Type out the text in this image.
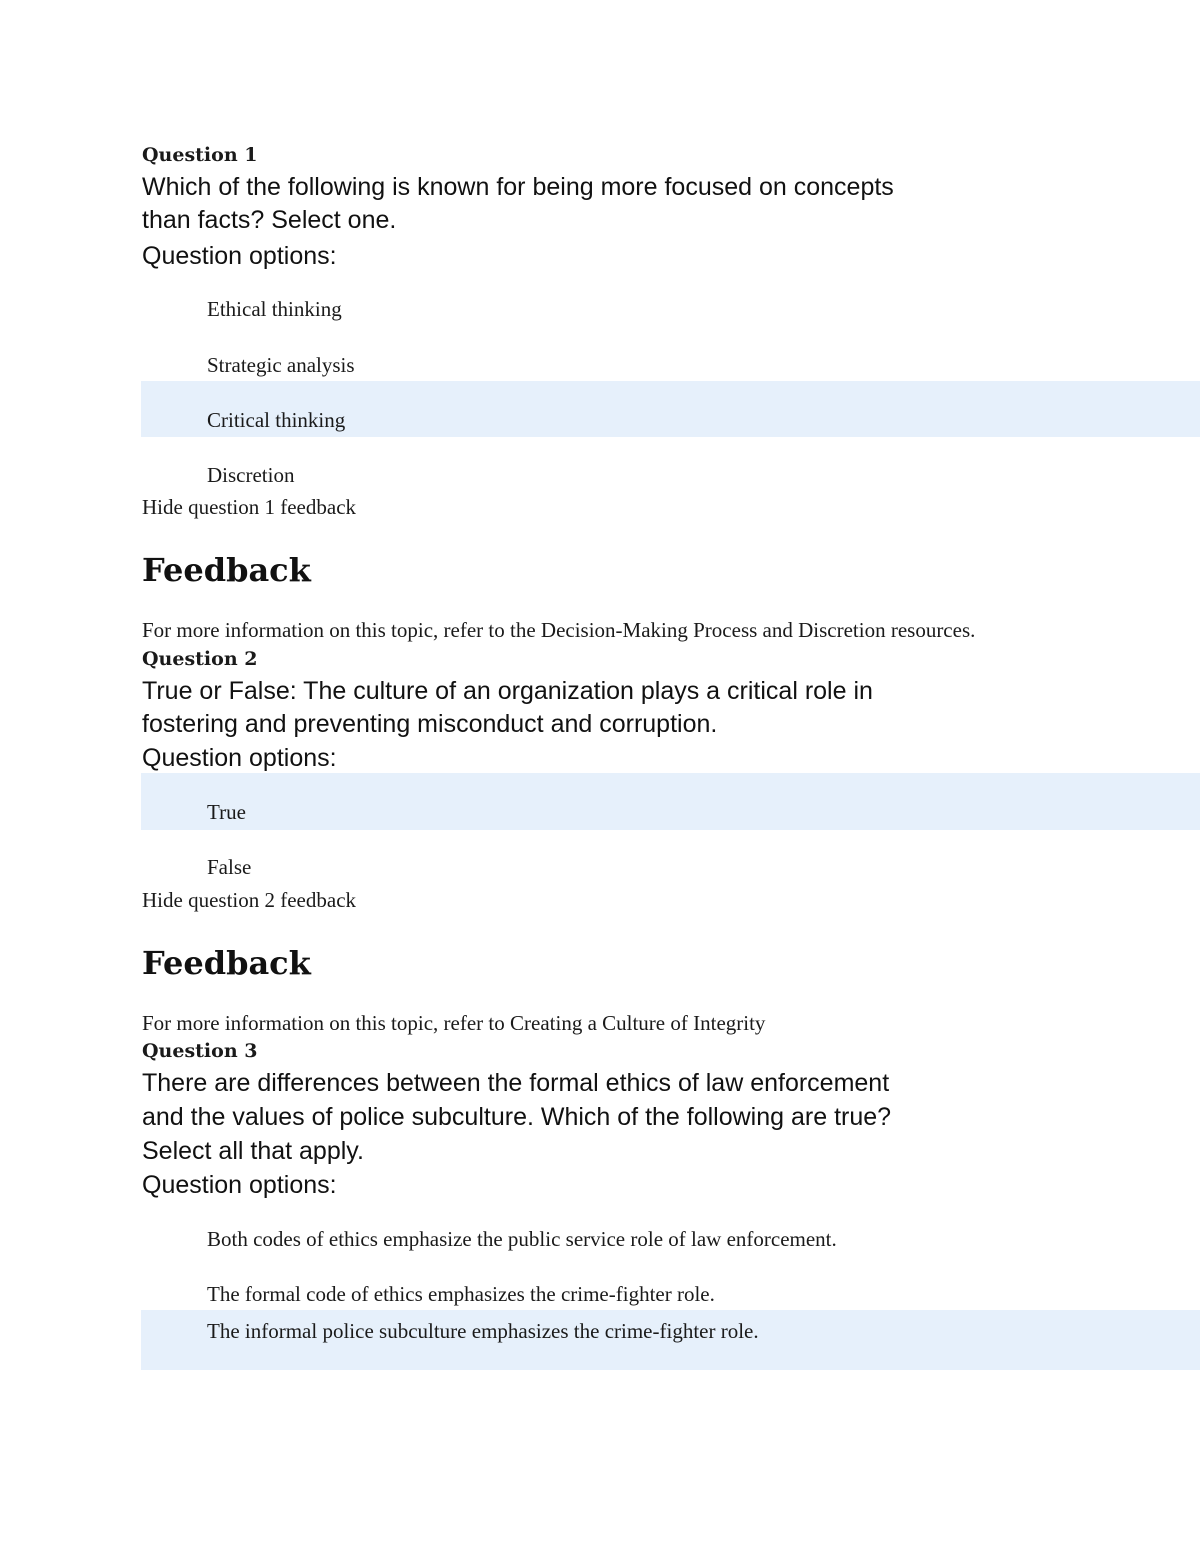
Question 1
Which of the following is known for being more focused on concepts
than facts? Select one.
Question options:
Ethical thinking
Strategic analysis
Critical thinking
Discretion
Hide question 1 feedback
Feedback
For more information on this topic, refer to the Decision-Making Process and Discretion resources.
Question 2
True or False: The culture of an organization plays a critical role in
fostering and preventing misconduct and corruption.
Question options:
True
False
Hide question 2 feedback
Feedback
For more information on this topic, refer to Creating a Culture of Integrity
Question 3
There are differences between the formal ethics of law enforcement
and the values of police subculture. Which of the following are true?
Select all that apply.
Question options:
Both codes of ethics emphasize the public service role of law enforcement.
The formal code of ethics emphasizes the crime-fighter role.
The informal police subculture emphasizes the crime-fighter role.
